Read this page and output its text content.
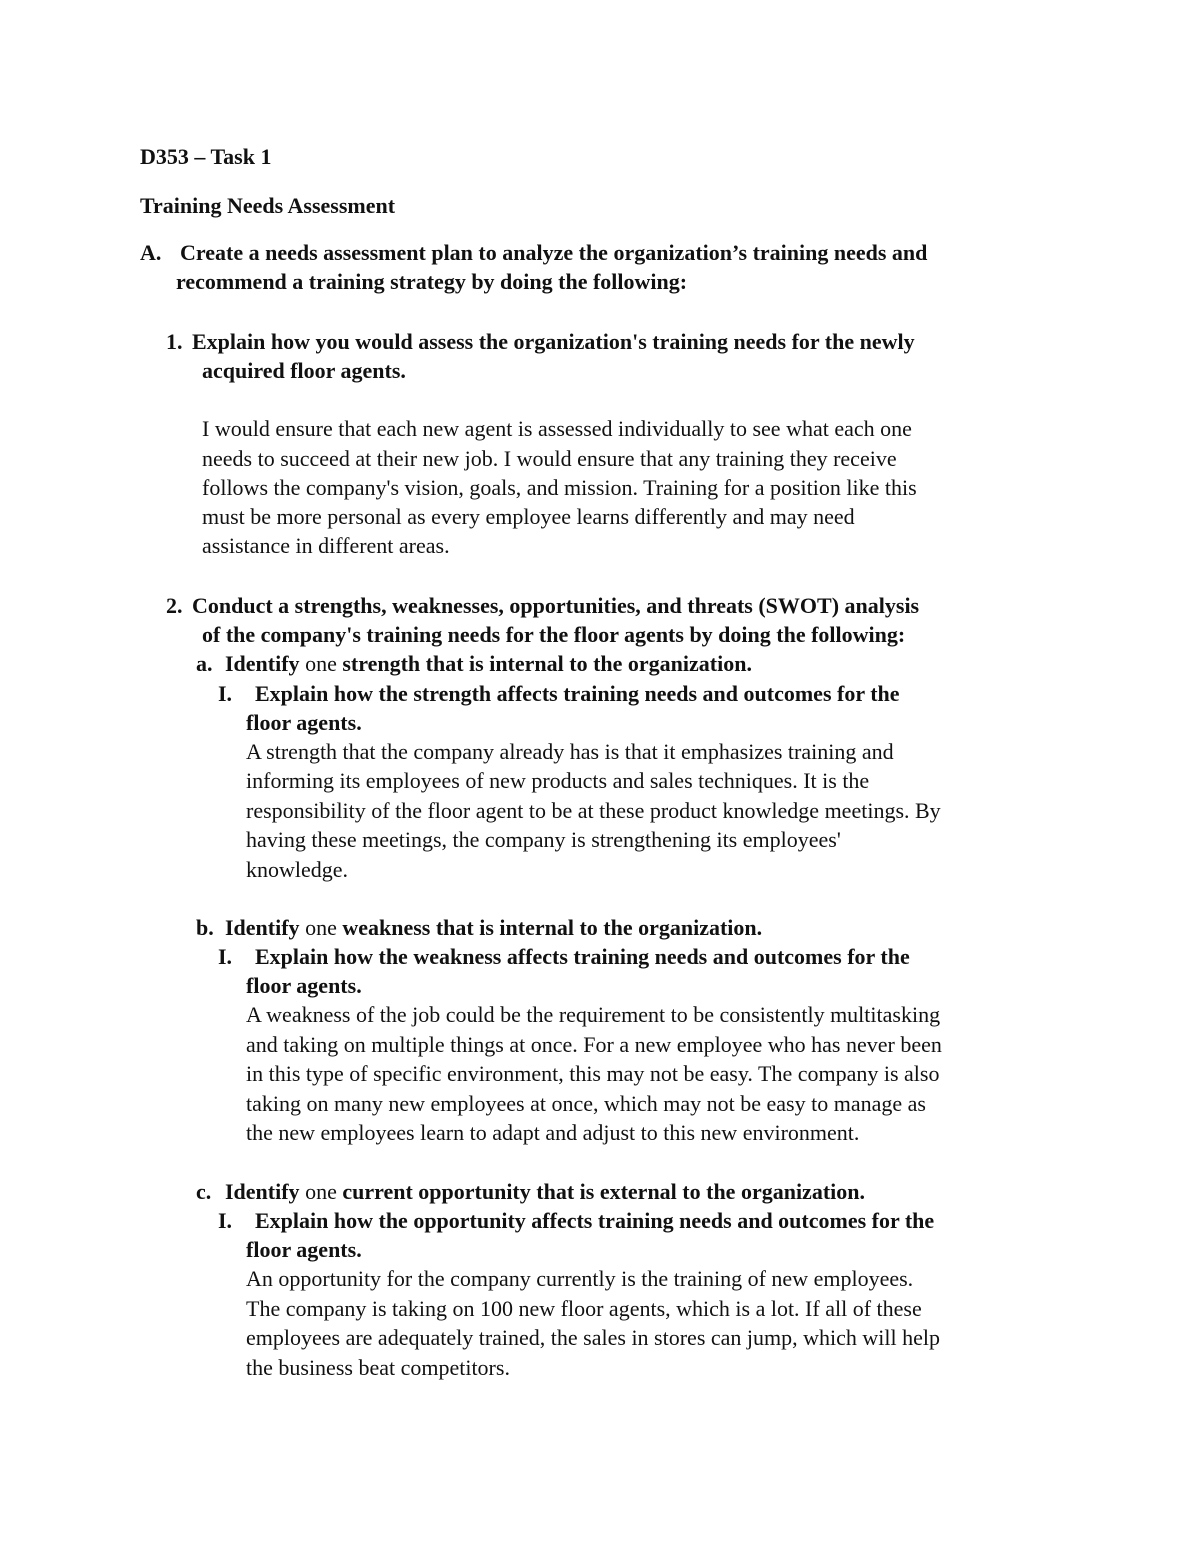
D353 – Task 1
Training Needs Assessment
A. Create a needs assessment plan to analyze the organization’s training needs and
recommend a training strategy by doing the following:
1. Explain how you would assess the organization's training needs for the newly
acquired floor agents.
I would ensure that each new agent is assessed individually to see what each one
needs to succeed at their new job. I would ensure that any training they receive
follows the company's vision, goals, and mission. Training for a position like this
must be more personal as every employee learns differently and may need
assistance in different areas.
2. Conduct a strengths, weaknesses, opportunities, and threats (SWOT) analysis
of the company's training needs for the floor agents by doing the following:
a. Identify one strength that is internal to the organization.
I. Explain how the strength affects training needs and outcomes for the
floor agents.
A strength that the company already has is that it emphasizes training and
informing its employees of new products and sales techniques. It is the
responsibility of the floor agent to be at these product knowledge meetings. By
having these meetings, the company is strengthening its employees'
knowledge.
b. Identify one weakness that is internal to the organization.
I. Explain how the weakness affects training needs and outcomes for the
floor agents.
A weakness of the job could be the requirement to be consistently multitasking
and taking on multiple things at once. For a new employee who has never been
in this type of specific environment, this may not be easy. The company is also
taking on many new employees at once, which may not be easy to manage as
the new employees learn to adapt and adjust to this new environment.
c. Identify one current opportunity that is external to the organization.
I. Explain how the opportunity affects training needs and outcomes for the
floor agents.
An opportunity for the company currently is the training of new employees.
The company is taking on 100 new floor agents, which is a lot. If all of these
employees are adequately trained, the sales in stores can jump, which will help
the business beat competitors.
